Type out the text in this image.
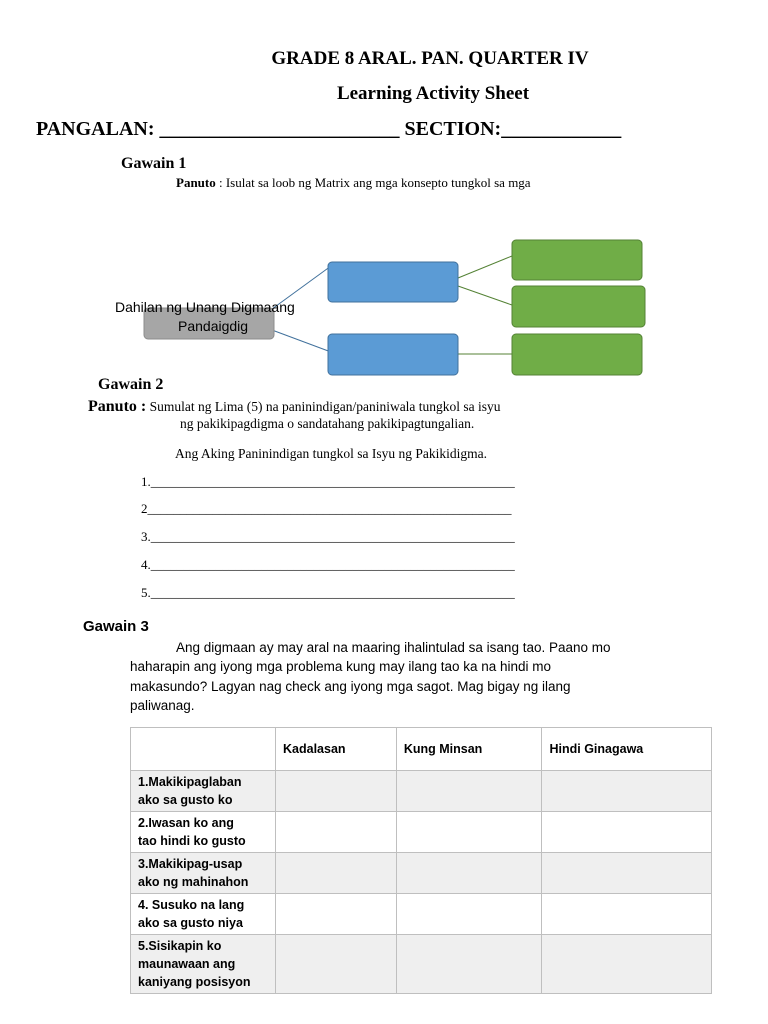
GRADE 8 ARAL. PAN. QUARTER IV
Learning Activity Sheet
PANGALAN: ________________________ SECTION:____________
Gawain 1
Panuto : Isulat sa loob ng Matrix ang mga konsepto tungkol sa mga
Dahilan ng Unang Digmaang
Pandaigdig
Gawain 2
Panuto : Sumulat ng Lima (5) na paninindigan/paniniwala tungkol sa isyu
ng pakikipagdigma o sandatahang pakikipagtungalian.
Ang Aking Paninindigan tungkol sa Isyu ng Pakikidigma.
1.________________________________________________________
2________________________________________________________
3.________________________________________________________
4.________________________________________________________
5.________________________________________________________
Gawain 3
Ang digmaan ay may aral na maaring ihalintulad sa isang tao. Paano mo
haharapin ang iyong mga problema kung may ilang tao ka na hindi mo
makasundo? Lagyan nag check ang iyong mga sagot. Mag bigay ng ilang
paliwanag.
	Kadalasan	Kung Minsan	Hindi Ginagawa
1.Makikipaglaban
ako sa gusto ko			
2.Iwasan ko ang
tao hindi ko gusto			
3.Makikipag-usap
ako ng mahinahon			
4. Susuko na lang
ako sa gusto niya			
5.Sisikapin ko
maunawaan ang
kaniyang posisyon			
